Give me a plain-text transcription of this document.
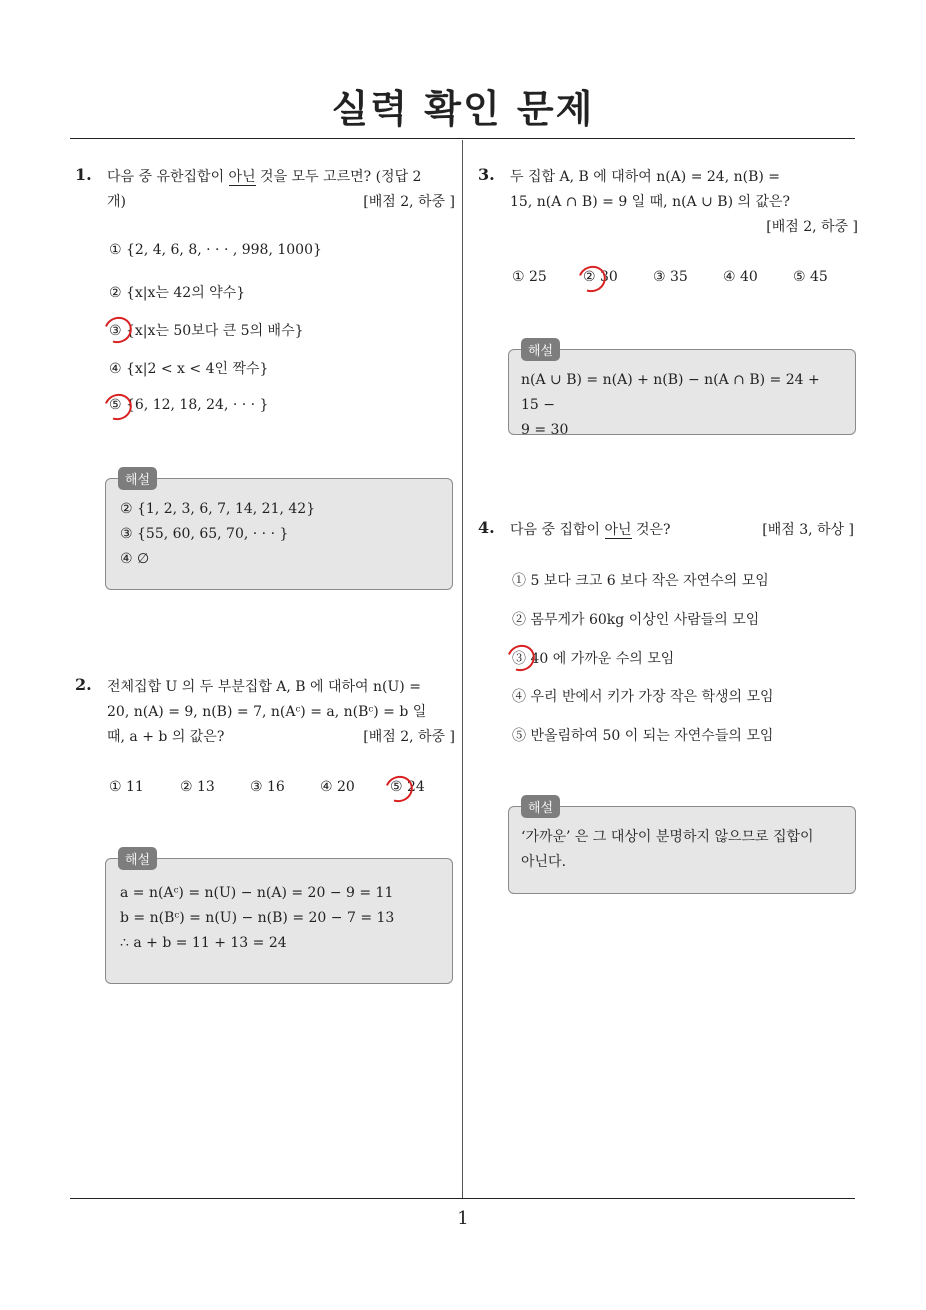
실력 확인 문제
1. 다음 중 유한집합이 아닌 것을 모두 고르면? (정답 2
개)	[배점 2, 하중 ]
① {2, 4, 6, 8, · · · , 998, 1000}
② {x|x는 42의 약수}
③ {x|x는 50보다 큰 5의 배수}
④ {x|2 < x < 4인 짝수}
⑤ {6, 12, 18, 24, · · · }
해설
② {1, 2, 3, 6, 7, 14, 21, 42}
③ {55, 60, 65, 70, · · · }
④ ∅
2. 전체집합 U 의 두 부분집합 A, B 에 대하여 n(U) =
20, n(A) = 9, n(B) = 7, n(Aᶜ) = a, n(Bᶜ) = b 일
때, a + b 의 값은?	[배점 2, 하중 ]
① 11	② 13	③ 16	④ 20	⑤ 24
해설
a = n(Aᶜ) = n(U) − n(A) = 20 − 9 = 11
b = n(Bᶜ) = n(U) − n(B) = 20 − 7 = 13
∴ a + b = 11 + 13 = 24
3. 두 집합 A, B 에 대하여 n(A) = 24, n(B) =
15, n(A ∩ B) = 9 일 때, n(A ∪ B) 의 값은?
[배점 2, 하중 ]
① 25	② 30	③ 35	④ 40	⑤ 45
해설
n(A ∪ B) = n(A) + n(B) − n(A ∩ B) = 24 + 15 −
9 = 30
4. 다음 중 집합이 아닌 것은?	[배점 3, 하상 ]
① 5 보다 크고 6 보다 작은 자연수의 모임
② 몸무게가 60kg 이상인 사람들의 모임
③ 40 에 가까운 수의 모임
④ 우리 반에서 키가 가장 작은 학생의 모임
⑤ 반올림하여 50 이 되는 자연수들의 모임
해설
‘가까운’ 은 그 대상이 분명하지 않으므로 집합이
아닌다.
1
